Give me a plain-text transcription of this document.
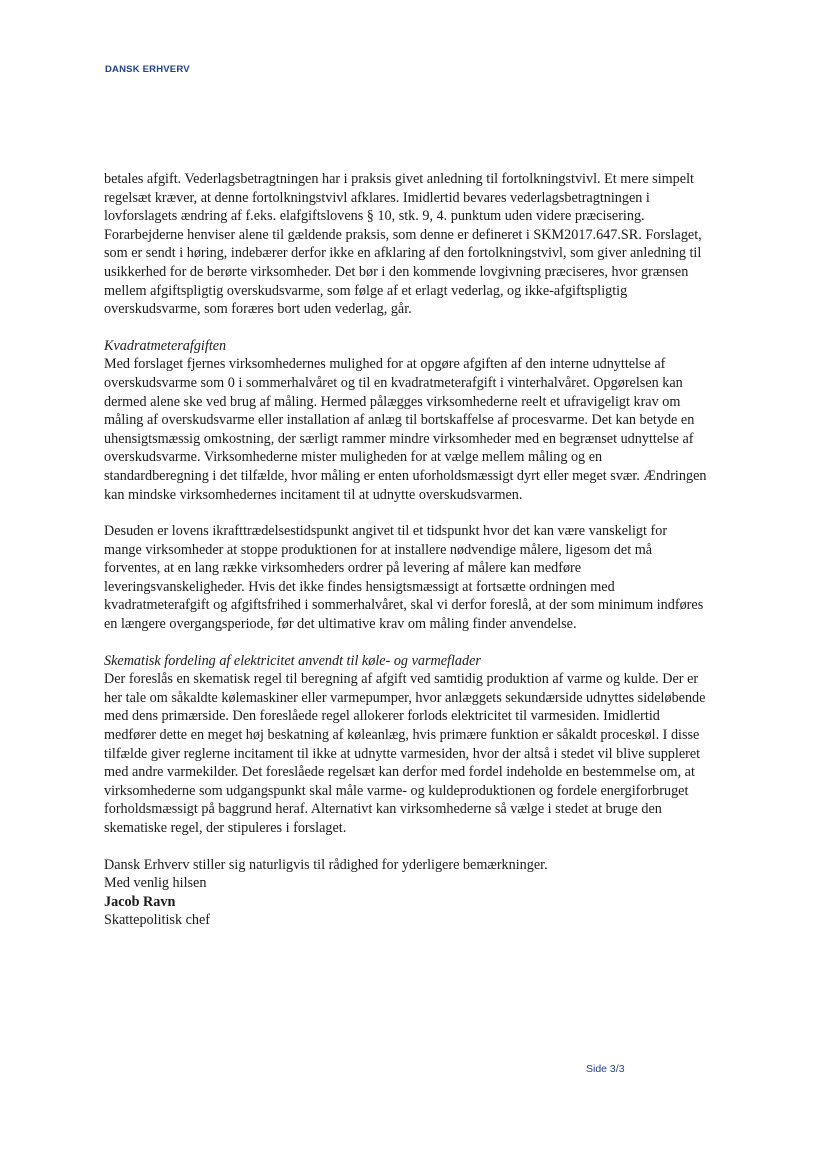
DANSK ERHVERV

betales afgift. Vederlagsbetragtningen har i praksis givet anledning til fortolkningstvivl. Et mere simpelt regelsæt kræver, at denne fortolkningstvivl afklares. Imidlertid bevares vederlagsbetragtningen i lovforslagets ændring af f.eks. elafgiftslovens § 10, stk. 9, 4. punktum uden videre præcisering. Forarbejderne henviser alene til gældende praksis, som denne er defineret i SKM2017.647.SR. Forslaget, som er sendt i høring, indebærer derfor ikke en afklaring af den fortolkningstvivl, som giver anledning til usikkerhed for de berørte virksomheder. Det bør i den kommende lovgivning præciseres, hvor grænsen mellem afgiftspligtig overskudsvarme, som følge af et erlagt vederlag, og ikke-afgiftspligtig overskudsvarme, som foræres bort uden vederlag, går.

Kvadratmeterafgiften

Med forslaget fjernes virksomhedernes mulighed for at opgøre afgiften af den interne udnyttelse af overskudsvarme som 0 i sommerhalvåret og til en kvadratmeterafgift i vinterhalvåret. Opgørelsen kan dermed alene ske ved brug af måling. Hermed pålægges virksomhederne reelt et ufravigeligt krav om måling af overskudsvarme eller installation af anlæg til bortskaffelse af procesvarme. Det kan betyde en uhensigtsmæssig omkostning, der særligt rammer mindre virksomheder med en begrænset udnyttelse af overskudsvarme. Virksomhederne mister muligheden for at vælge mellem måling og en standardberegning i det tilfælde, hvor måling er enten uforholdsmæssigt dyrt eller meget svær. Ændringen kan mindske virksomhedernes incitament til at udnytte overskudsvarmen.

Desuden er lovens ikrafttrædelsestidspunkt angivet til et tidspunkt hvor det kan være vanskeligt for mange virksomheder at stoppe produktionen for at installere nødvendige målere, ligesom det må forventes, at en lang række virksomheders ordrer på levering af målere kan medføre leveringsvanskeligheder. Hvis det ikke findes hensigtsmæssigt at fortsætte ordningen med kvadratmeterafgift og afgiftsfrihed i sommerhalvåret, skal vi derfor foreslå, at der som minimum indføres en længere overgangsperiode, før det ultimative krav om måling finder anvendelse.

Skematisk fordeling af elektricitet anvendt til køle- og varmeflader

Der foreslås en skematisk regel til beregning af afgift ved samtidig produktion af varme og kulde. Der er her tale om såkaldte kølemaskiner eller varmepumper, hvor anlæggets sekundærside udnyttes sideløbende med dens primærside. Den foreslåede regel allokerer forlods elektricitet til varmesiden. Imidlertid medfører dette en meget høj beskatning af køleanlæg, hvis primære funktion er såkaldt proceskøl. I disse tilfælde giver reglerne incitament til ikke at udnytte varmesiden, hvor der altså i stedet vil blive suppleret med andre varmekilder. Det foreslåede regelsæt kan derfor med fordel indeholde en bestemmelse om, at virksomhederne som udgangspunkt skal måle varme- og kuldeproduktionen og fordele energiforbruget forholdsmæssigt på baggrund heraf. Alternativt kan virksomhederne så vælge i stedet at bruge den skematiske regel, der stipuleres i forslaget.

Dansk Erhverv stiller sig naturligvis til rådighed for yderligere bemærkninger.

Med venlig hilsen

Jacob Ravn

Skattepolitisk chef

Side 3/3
